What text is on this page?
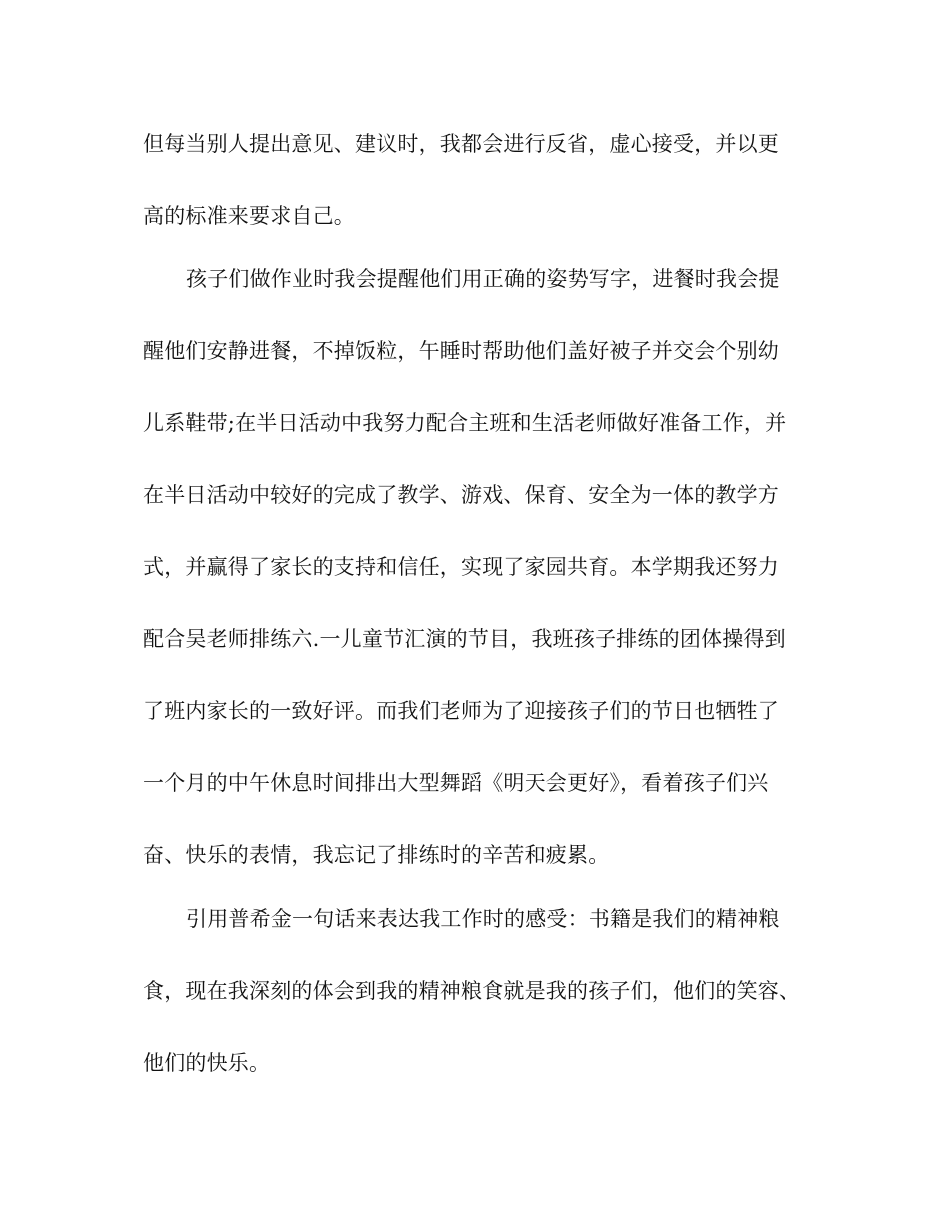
但每当别人提出意见、建议时，我都会进行反省，虚心接受，并以更
高的标准来要求自己。
孩子们做作业时我会提醒他们用正确的姿势写字，进餐时我会提
醒他们安静进餐，不掉饭粒，午睡时帮助他们盖好被子并交会个别幼
儿系鞋带;在半日活动中我努力配合主班和生活老师做好准备工作，并
在半日活动中较好的完成了教学、游戏、保育、安全为一体的教学方
式，并赢得了家长的支持和信任，实现了家园共育。本学期我还努力
配合吴老师排练六.一儿童节汇演的节目，我班孩子排练的团体操得到
了班内家长的一致好评。而我们老师为了迎接孩子们的节日也牺牲了
一个月的中午休息时间排出大型舞蹈《明天会更好》，看着孩子们兴
奋、快乐的表情，我忘记了排练时的辛苦和疲累。
引用普希金一句话来表达我工作时的感受：书籍是我们的精神粮
食，现在我深刻的体会到我的精神粮食就是我的孩子们，他们的笑容、
他们的快乐。
